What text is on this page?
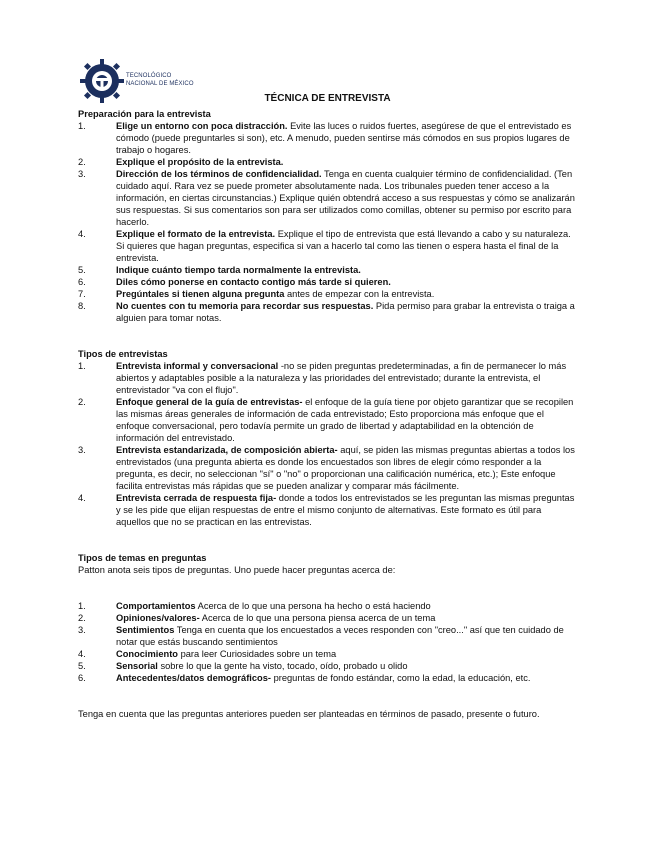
TECNOLÓGICO
NACIONAL DE MÉXICO
TÉCNICA DE ENTREVISTA
Preparación para la entrevista
1.	Elige un entorno con poca distracción. Evite las luces o ruidos fuertes, asegúrese de que el entrevistado es cómodo (puede preguntarles si son), etc. A menudo, pueden sentirse más cómodos en sus propios lugares de trabajo o hogares.
2.	Explique el propósito de la entrevista.
3.	Dirección de los términos de confidencialidad. Tenga en cuenta cualquier término de confidencialidad. (Ten cuidado aquí. Rara vez se puede prometer absolutamente nada. Los tribunales pueden tener acceso a la información, en ciertas circunstancias.) Explique quién obtendrá acceso a sus respuestas y cómo se analizarán sus respuestas. Si sus comentarios son para ser utilizados como comillas, obtener su permiso por escrito para hacerlo.
4.	Explique el formato de la entrevista. Explique el tipo de entrevista que está llevando a cabo y su naturaleza. Si quieres que hagan preguntas, especifica si van a hacerlo tal como las tienen o espera hasta el final de la entrevista.
5.	Indique cuánto tiempo tarda normalmente la entrevista.
6.	Diles cómo ponerse en contacto contigo más tarde si quieren.
7.	Pregúntales si tienen alguna pregunta antes de empezar con la entrevista.
8.	No cuentes con tu memoria para recordar sus respuestas. Pida permiso para grabar la entrevista o traiga a alguien para tomar notas.
Tipos de entrevistas
1.	Entrevista informal y conversacional -no se piden preguntas predeterminadas, a fin de permanecer lo más abiertos y adaptables posible a la naturaleza y las prioridades del entrevistado; durante la entrevista, el entrevistador "va con el flujo".
2.	Enfoque general de la guía de entrevistas- el enfoque de la guía tiene por objeto garantizar que se recopilen las mismas áreas generales de información de cada entrevistado; Esto proporciona más enfoque que el enfoque conversacional, pero todavía permite un grado de libertad y adaptabilidad en la obtención de información del entrevistado.
3.	Entrevista estandarizada, de composición abierta- aquí, se piden las mismas preguntas abiertas a todos los entrevistados (una pregunta abierta es donde los encuestados son libres de elegir cómo responder a la pregunta, es decir, no seleccionan "sí" o "no" o proporcionan una calificación numérica, etc.); Este enfoque facilita entrevistas más rápidas que se pueden analizar y comparar más fácilmente.
4.	Entrevista cerrada de respuesta fija- donde a todos los entrevistados se les preguntan las mismas preguntas y se les pide que elijan respuestas de entre el mismo conjunto de alternativas. Este formato es útil para aquellos que no se practican en las entrevistas.
Tipos de temas en preguntas
Patton anota seis tipos de preguntas. Uno puede hacer preguntas acerca de:
1.	Comportamientos Acerca de lo que una persona ha hecho o está haciendo
2.	Opiniones/valores- Acerca de lo que una persona piensa acerca de un tema
3.	Sentimientos Tenga en cuenta que los encuestados a veces responden con "creo..." así que ten cuidado de notar que estás buscando sentimientos
4.	Conocimiento para leer Curiosidades sobre un tema
5.	Sensorial sobre lo que la gente ha visto, tocado, oído, probado u olido
6.	Antecedentes/datos demográficos- preguntas de fondo estándar, como la edad, la educación, etc.
Tenga en cuenta que las preguntas anteriores pueden ser planteadas en términos de pasado, presente o futuro.
